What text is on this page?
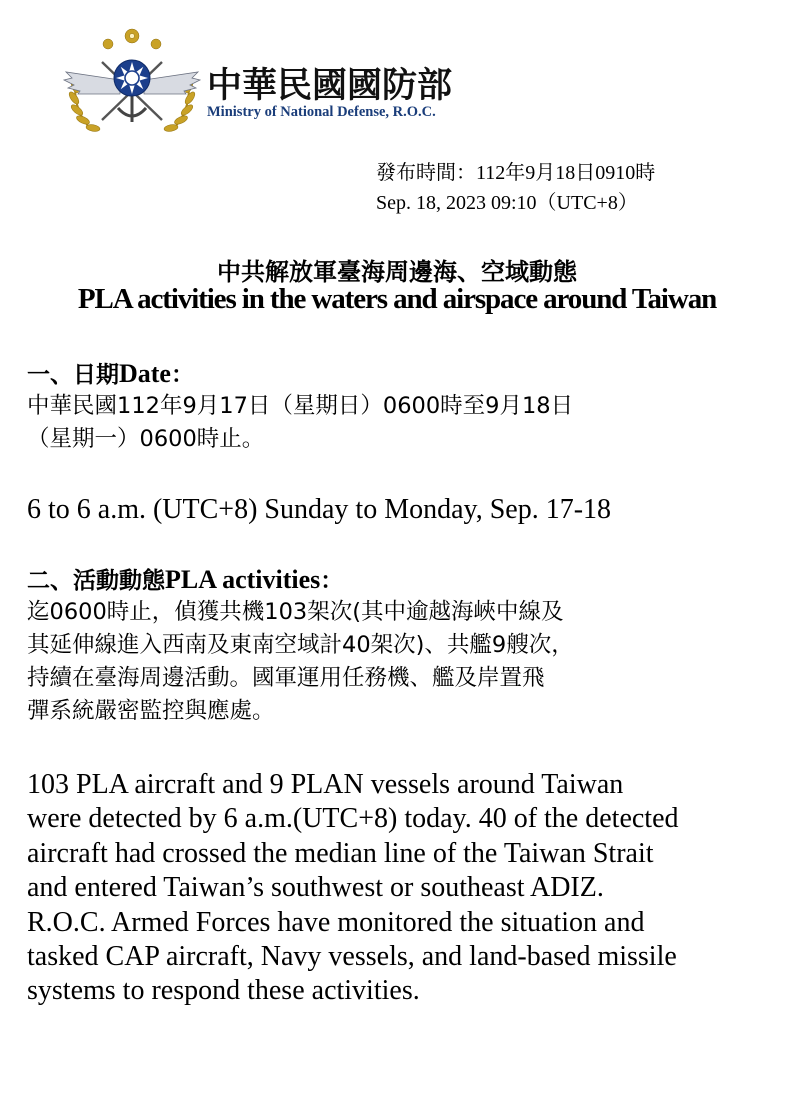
中華民國國防部
Ministry of National Defense, R.O.C.
發布時間：112年9月18日0910時
Sep. 18, 2023 09:10（UTC+8）
中共解放軍臺海周邊海、空域動態
PLA activities in the waters and airspace around Taiwan
一、日期Date：
中華民國112年9月17日（星期日）0600時至9月18日
（星期一）0600時止。
6 to 6 a.m. (UTC+8) Sunday to Monday, Sep. 17-18
二、活動動態PLA activities：
迄0600時止，偵獲共機103架次(其中逾越海峽中線及
其延伸線進入西南及東南空域計40架次)、共艦9艘次，
持續在臺海周邊活動。國軍運用任務機、艦及岸置飛
彈系統嚴密監控與應處。
103 PLA aircraft and 9 PLAN vessels around Taiwan
were detected by 6 a.m.(UTC+8) today. 40 of the detected
aircraft had crossed the median line of the Taiwan Strait
and entered Taiwan’s southwest or southeast ADIZ.
R.O.C. Armed Forces have monitored the situation and
tasked CAP aircraft, Navy vessels, and land-based missile
systems to respond these activities.
